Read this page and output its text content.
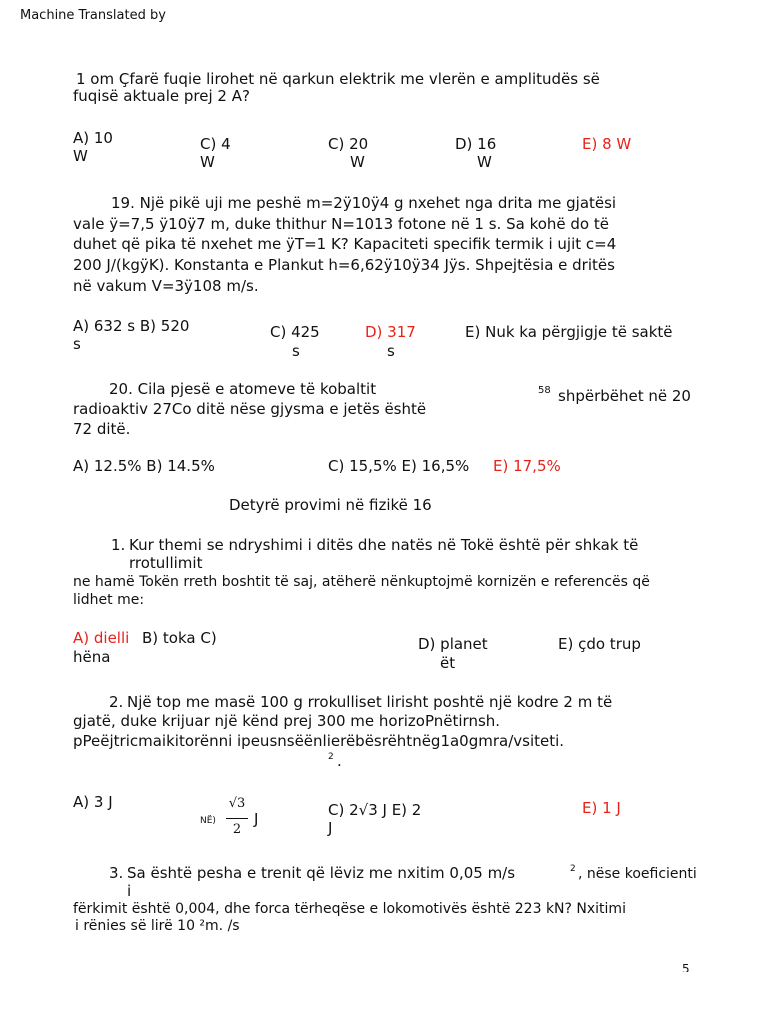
Machine Translated by
1 om Çfarë fuqie lirohet në qarkun elektrik me vlerën e amplitudës së
fuqisë aktuale prej 2 A?
A) 10
W
C) 4
W
C) 20
W
D) 16
W
E) 8 W
19. Një pikë uji me peshë m=2ÿ10ÿ4 g nxehet nga drita me gjatësi
vale ÿ=7,5 ÿ10ÿ7 m, duke thithur N=1013 fotone në 1 s. Sa kohë do të
duhet që pika të nxehet me ÿT=1 K? Kapaciteti specifik termik i ujit c=4
200 J/(kgÿK). Konstanta e Plankut h=6,62ÿ10ÿ34 Jÿs. Shpejtësia e dritës
në vakum V=3ÿ108 m/s.
A) 632 s B) 520
s
C) 425
s
D) 317
s
E) Nuk ka përgjigje të saktë
20. Cila pjesë e atomeve të kobaltit	58 shpërbëhet në 20
radioaktiv 27Co ditë nëse gjysma e jetës është
72 ditë.
A) 12.5% B) 14.5%	C) 15,5% E) 16,5% E) 17,5%
Detyrë provimi në fizikë 16
1. Kur themi se ndryshimi i ditës dhe natës në Tokë është për shkak të
rrotullimit
ne hamë Tokën rreth boshtit të saj, atëherë nënkuptojmë kornizën e referencës që
lidhet me:
A) dielli B) toka C)
hëna
D) planet
ët
E) çdo trup
2. Një top me masë 100 g rrokulliset lirisht poshtë një kodre 2 m të
gjatë, duke krijuar një kënd prej 300 me horizoPnëtirnsh.
pPeëjtricmaikitorënni ipeusnsëënlierëbësrëhtnëg1a0gmra/vsiteti.
2 .
A) 3 J
NË)
√3
2
J	C) 2√3 J E) 2
J
E) 1 J
3. Sa është pesha e trenit që lëviz me nxitim 0,05 m/s	2 , nëse koeficienti
i
fërkimit është 0,004, dhe forca tërheqëse e lokomotivës është 223 kN? Nxitimi
i rënies së lirë 10 ²m. /s
5
